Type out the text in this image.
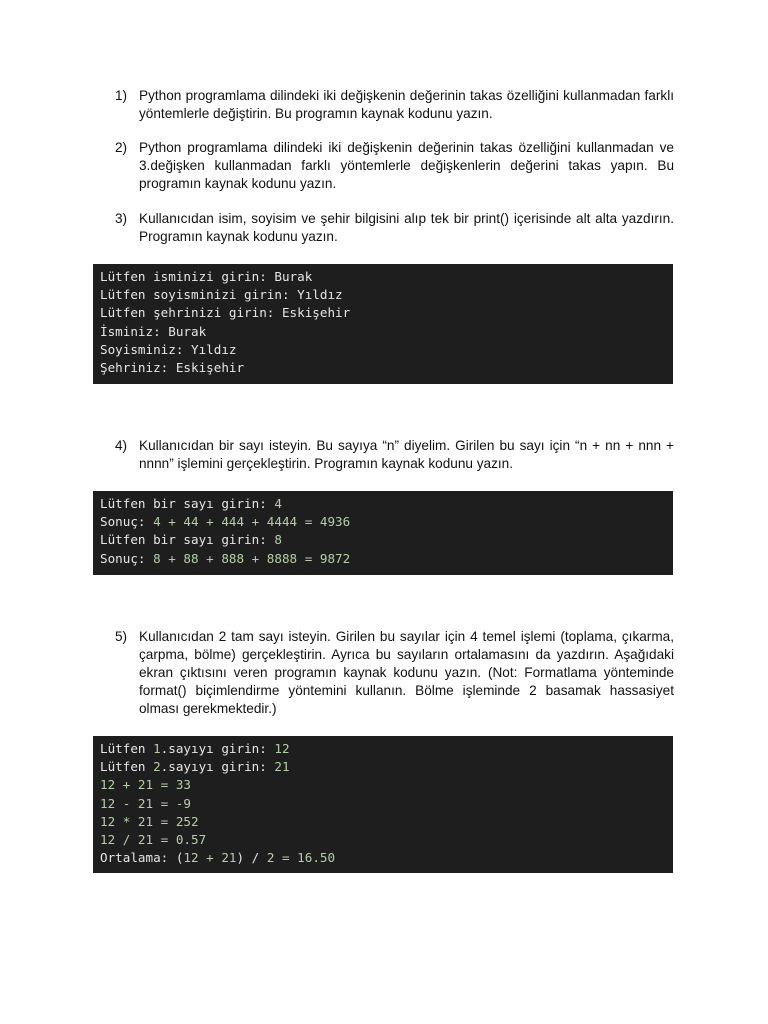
1) Python programlama dilindeki iki değişkenin değerinin takas özelliğini kullanmadan farklı yöntemlerle değiştirin. Bu programın kaynak kodunu yazın.
2) Python programlama dilindeki iki değişkenin değerinin takas özelliğini kullanmadan ve 3.değişken kullanmadan farklı yöntemlerle değişkenlerin değerini takas yapın. Bu programın kaynak kodunu yazın.
3) Kullanıcıdan isim, soyisim ve şehir bilgisini alıp tek bir print() içerisinde alt alta yazdırın. Programın kaynak kodunu yazın.
Lütfen isminizi girin: Burak
Lütfen soyisminizi girin: Yıldız
Lütfen şehrinizi girin: Eskişehir
İsminiz: Burak
Soyisminiz: Yıldız
Şehriniz: Eskişehir
4) Kullanıcıdan bir sayı isteyin. Bu sayıya “n” diyelim. Girilen bu sayı için “n + nn + nnn + nnnn” işlemini gerçekleştirin. Programın kaynak kodunu yazın.
Lütfen bir sayı girin: 4
Sonuç: 4 + 44 + 444 + 4444 = 4936
Lütfen bir sayı girin: 8
Sonuç: 8 + 88 + 888 + 8888 = 9872
5) Kullanıcıdan 2 tam sayı isteyin. Girilen bu sayılar için 4 temel işlemi (toplama, çıkarma, çarpma, bölme) gerçekleştirin. Ayrıca bu sayıların ortalamasını da yazdırın. Aşağıdaki ekran çıktısını veren programın kaynak kodunu yazın. (Not: Formatlama yönteminde format() biçimlendirme yöntemini kullanın. Bölme işleminde 2 basamak hassasiyet olması gerekmektedir.)
Lütfen 1.sayıyı girin: 12
Lütfen 2.sayıyı girin: 21
12 + 21 = 33
12 - 21 = -9
12 * 21 = 252
12 / 21 = 0.57
Ortalama: (12 + 21) / 2 = 16.50
